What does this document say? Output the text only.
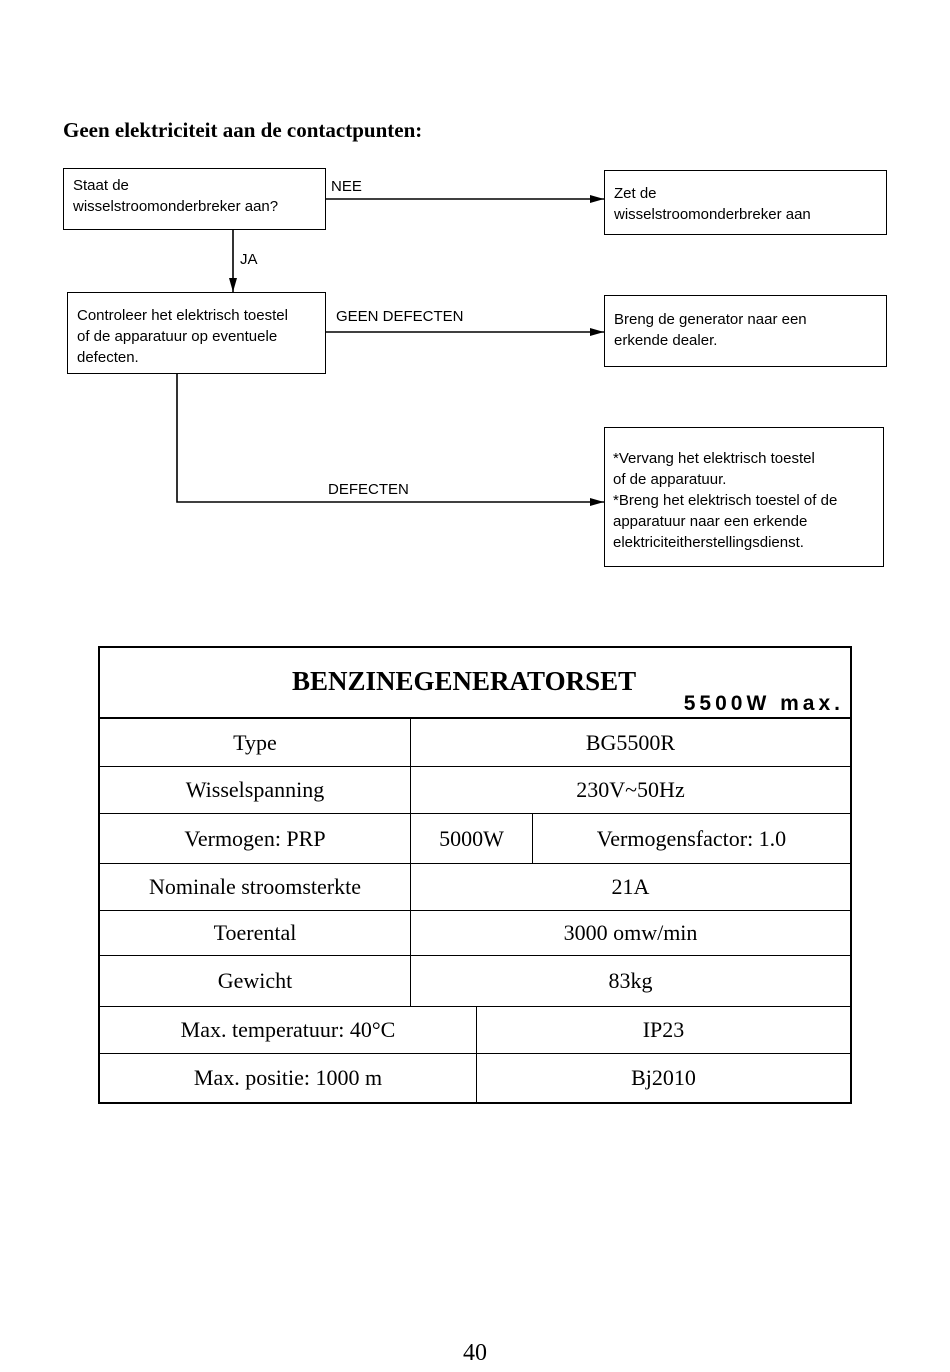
Geen elektriciteit aan de contactpunten:
Staat de
wisselstroomonderbreker aan?
NEE	Zet de
wisselstroomonderbreker aan
JA
Controleer het elektrisch toestel
of de apparatuur op eventuele
defecten.
GEEN DEFECTEN	Breng de generator naar een
erkende dealer.
DEFECTEN
*Vervang het elektrisch toestel
of de apparatuur.
*Breng het elektrisch toestel of de
apparatuur naar een erkende
elektriciteitherstellingsdienst.
BENZINEGENERATORSET
5500W max.
Type	BG5500R
Wisselspanning	230V~50Hz
Vermogen: PRP	5000W	Vermogensfactor: 1.0
Nominale stroomsterkte	21A
Toerental	3000 omw/min
Gewicht	83kg
Max. temperatuur: 40°C	IP23
Max. positie: 1000 m	Bj2010
40
